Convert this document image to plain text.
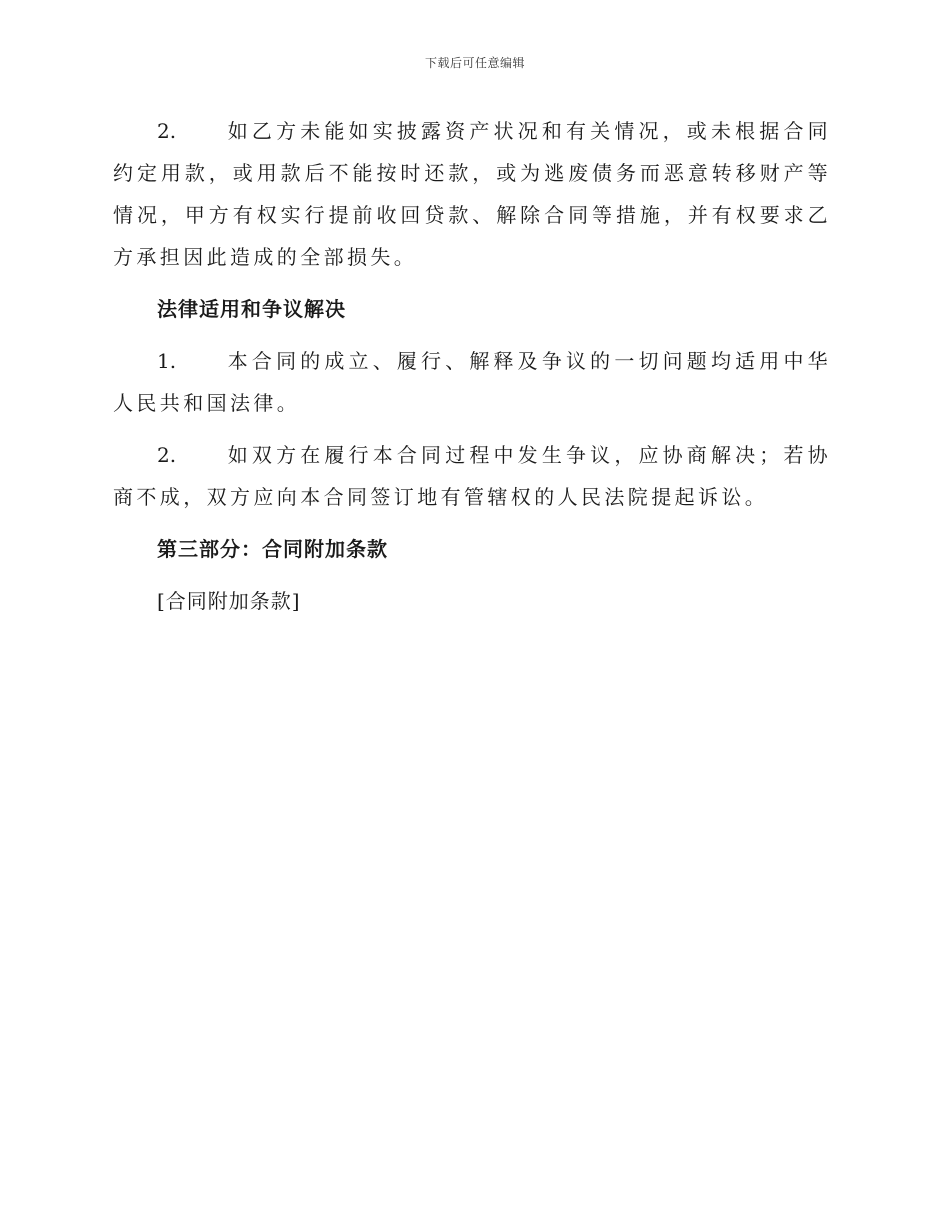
下载后可任意编辑

2.	如乙方未能如实披露资产状况和有关情况，或未根据合同约定用款，或用款后不能按时还款，或为逃废债务而恶意转移财产等情况，甲方有权实行提前收回贷款、解除合同等措施，并有权要求乙方承担因此造成的全部损失。

法律适用和争议解决

1.	本合同的成立、履行、解释及争议的一切问题均适用中华人民共和国法律。

2.	如双方在履行本合同过程中发生争议，应协商解决；若协商不成，双方应向本合同签订地有管辖权的人民法院提起诉讼。

第三部分：合同附加条款
[合同附加条款]
